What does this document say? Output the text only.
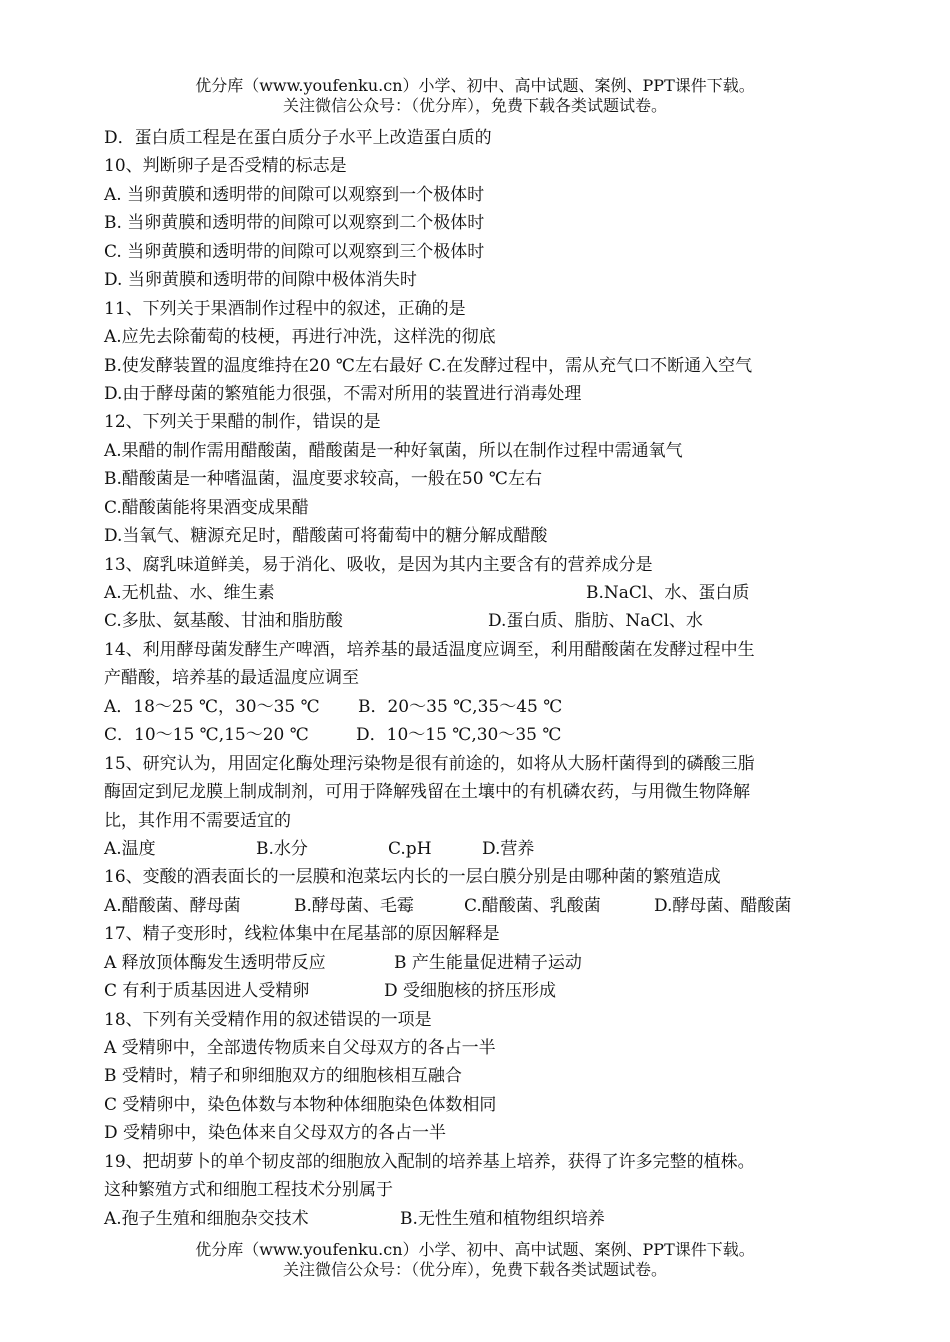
优分库（www.youfenku.cn）小学、初中、高中试题、案例、PPT课件下载。
关注微信公众号：（优分库），免费下载各类试题试卷。
D．蛋白质工程是在蛋白质分子水平上改造蛋白质的
10、判断卵子是否受精的标志是
A. 当卵黄膜和透明带的间隙可以观察到一个极体时
B. 当卵黄膜和透明带的间隙可以观察到二个极体时
C. 当卵黄膜和透明带的间隙可以观察到三个极体时
D. 当卵黄膜和透明带的间隙中极体消失时
11、下列关于果酒制作过程中的叙述，正确的是
A.应先去除葡萄的枝梗，再进行冲洗，这样洗的彻底
B.使发酵装置的温度维持在20 ℃左右最好 C.在发酵过程中，需从充气口不断通入空气
D.由于酵母菌的繁殖能力很强，不需对所用的装置进行消毒处理
12、下列关于果醋的制作，错误的是
A.果醋的制作需用醋酸菌，醋酸菌是一种好氧菌，所以在制作过程中需通氧气
B.醋酸菌是一种嗜温菌，温度要求较高，一般在50 ℃左右
C.醋酸菌能将果酒变成果醋
D.当氧气、糖源充足时，醋酸菌可将葡萄中的糖分解成醋酸
13、腐乳味道鲜美，易于消化、吸收，是因为其内主要含有的营养成分是
A.无机盐、水、维生素	B.NaCl、水、蛋白质
C.多肽、氨基酸、甘油和脂肪酸	D.蛋白质、脂肪、NaCl、水
14、利用酵母菌发酵生产啤酒，培养基的最适温度应调至，利用醋酸菌在发酵过程中生
产醋酸，培养基的最适温度应调至
A．18～25 ℃，30～35 ℃ B．20～35 ℃,35～45 ℃
C．10～15 ℃,15～20 ℃	D．10～15 ℃,30～35 ℃
15、研究认为，用固定化酶处理污染物是很有前途的，如将从大肠杆菌得到的磷酸三脂
酶固定到尼龙膜上制成制剂，可用于降解残留在土壤中的有机磷农药，与用微生物降解
比，其作用不需要适宜的
A.温度	B.水分	C.pH	D.营养
16、变酸的酒表面长的一层膜和泡菜坛内长的一层白膜分别是由哪种菌的繁殖造成
A.醋酸菌、酵母菌	B.酵母菌、毛霉	C.醋酸菌、乳酸菌	D.酵母菌、醋酸菌
17、精子变形时，线粒体集中在尾基部的原因解释是
A 释放顶体酶发生透明带反应	B 产生能量促进精子运动
C 有利于质基因进人受精卵	D 受细胞核的挤压形成
18、下列有关受精作用的叙述错误的一项是
A 受精卵中，全部遗传物质来自父母双方的各占一半
B 受精时，精子和卵细胞双方的细胞核相互融合
C 受精卵中，染色体数与本物种体细胞染色体数相同
D 受精卵中，染色体来自父母双方的各占一半
19、把胡萝卜的单个韧皮部的细胞放入配制的培养基上培养，获得了许多完整的植株。
这种繁殖方式和细胞工程技术分别属于
A.孢子生殖和细胞杂交技术	B.无性生殖和植物组织培养
优分库（www.youfenku.cn）小学、初中、高中试题、案例、PPT课件下载。
关注微信公众号：（优分库），免费下载各类试题试卷。
